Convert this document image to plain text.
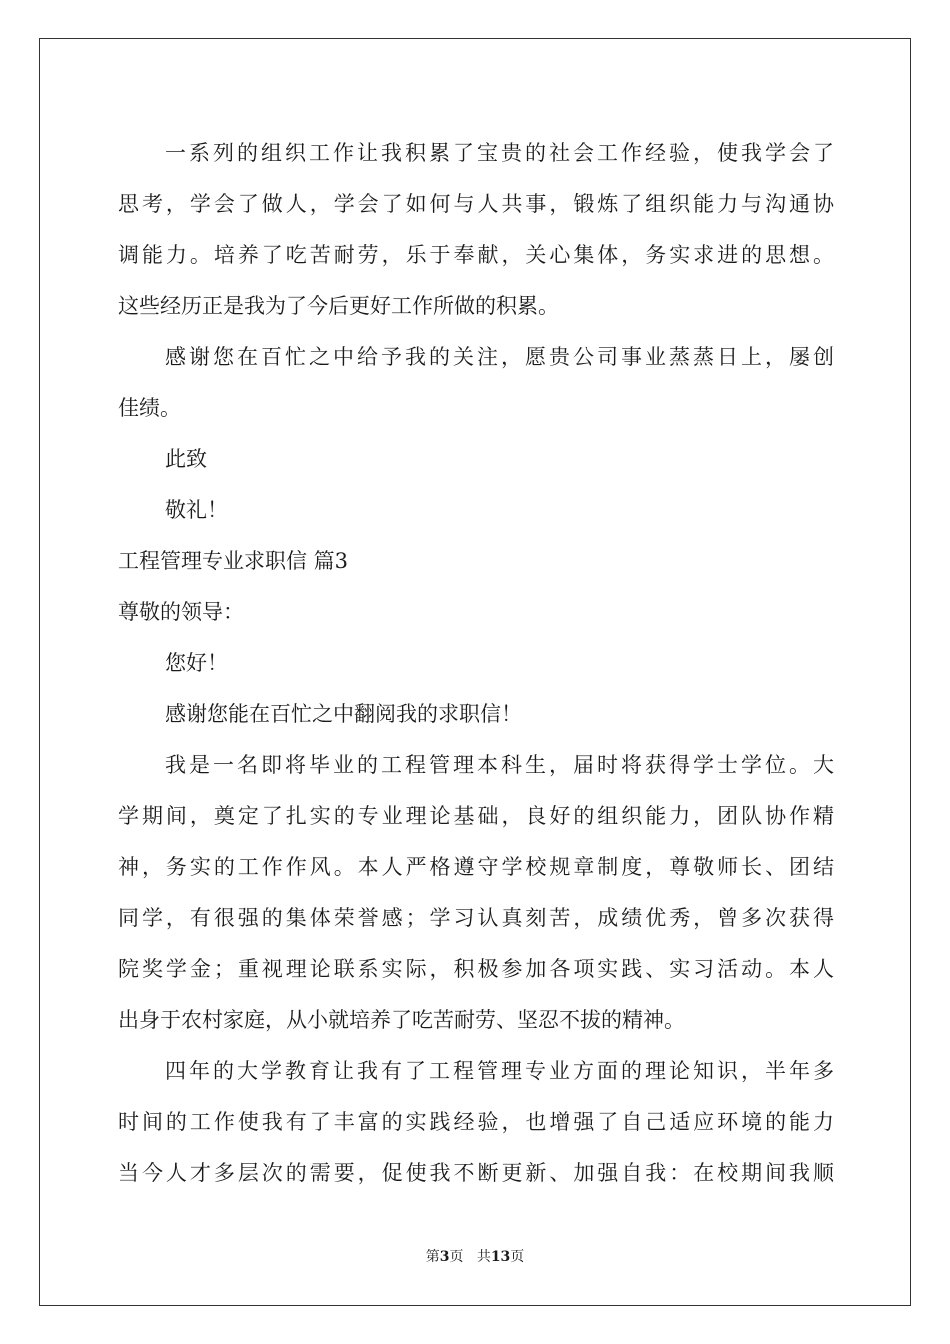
一系列的组织工作让我积累了宝贵的社会工作经验，使我学会了
思考，学会了做人，学会了如何与人共事，锻炼了组织能力与沟通协
调能力。培养了吃苦耐劳，乐于奉献，关心集体，务实求进的思想。
这些经历正是我为了今后更好工作所做的积累。
感谢您在百忙之中给予我的关注，愿贵公司事业蒸蒸日上，屡创
佳绩。
此致
敬礼！
工程管理专业求职信 篇3
尊敬的领导：
您好！
感谢您能在百忙之中翻阅我的求职信！
我是一名即将毕业的工程管理本科生，届时将获得学士学位。大
学期间，奠定了扎实的专业理论基础，良好的组织能力，团队协作精
神，务实的工作作风。本人严格遵守学校规章制度，尊敬师长、团结
同学，有很强的集体荣誉感；学习认真刻苦，成绩优秀，曾多次获得
院奖学金；重视理论联系实际，积极参加各项实践、实习活动。本人
出身于农村家庭，从小就培养了吃苦耐劳、坚忍不拔的精神。
四年的大学教育让我有了工程管理专业方面的理论知识，半年多
时间的工作使我有了丰富的实践经验，也增强了自己适应环境的能力
当今人才多层次的需要，促使我不断更新、加强自我：在校期间我顺
第3页 共13页
